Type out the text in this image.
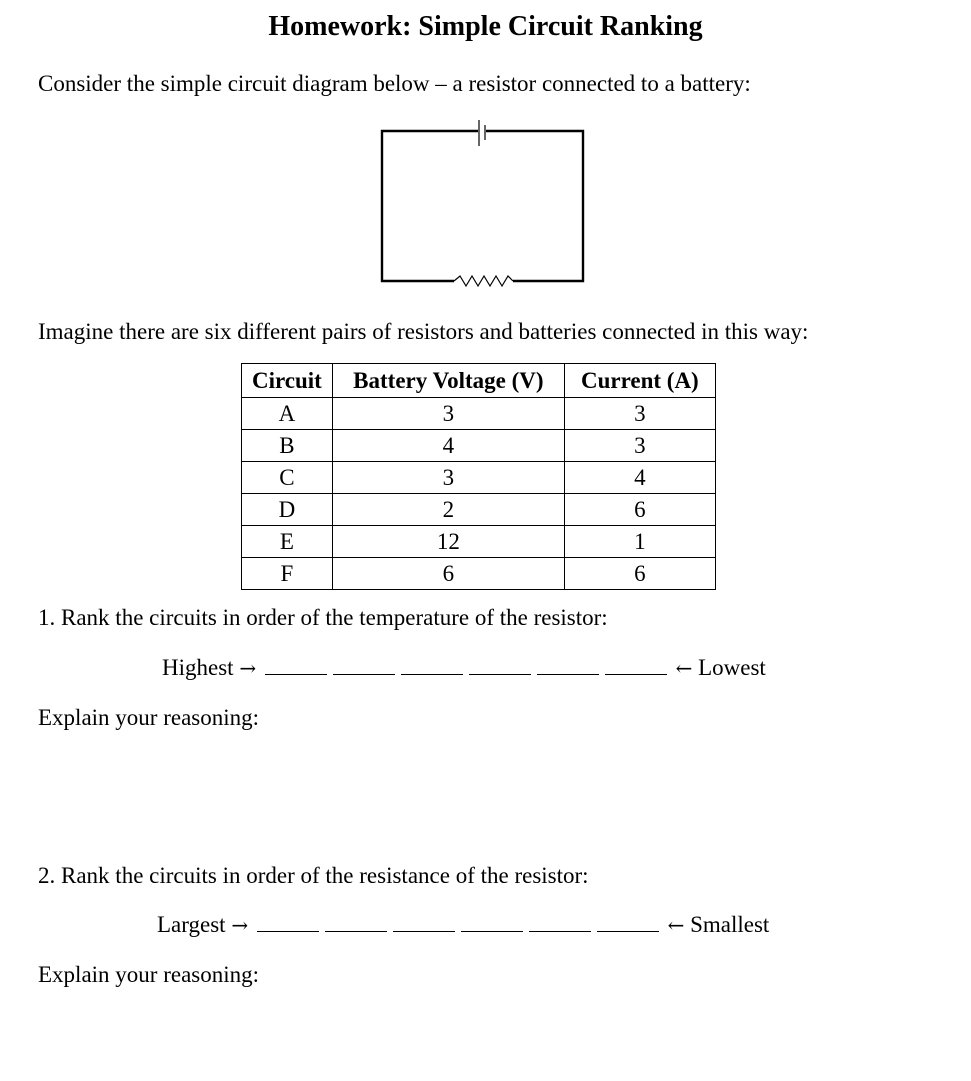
Homework: Simple Circuit Ranking
Consider the simple circuit diagram below – a resistor connected to a battery:
Imagine there are six different pairs of resistors and batteries connected in this way:
Circuit	Battery Voltage (V)	Current (A)
A	3	3
B	4	3
C	3	4
D	2	6
E	12	1
F	6	6
1. Rank the circuits in order of the temperature of the resistor:
Highest →	← Lowest
Explain your reasoning:
2. Rank the circuits in order of the resistance of the resistor:
Largest →	← Smallest
Explain your reasoning:
